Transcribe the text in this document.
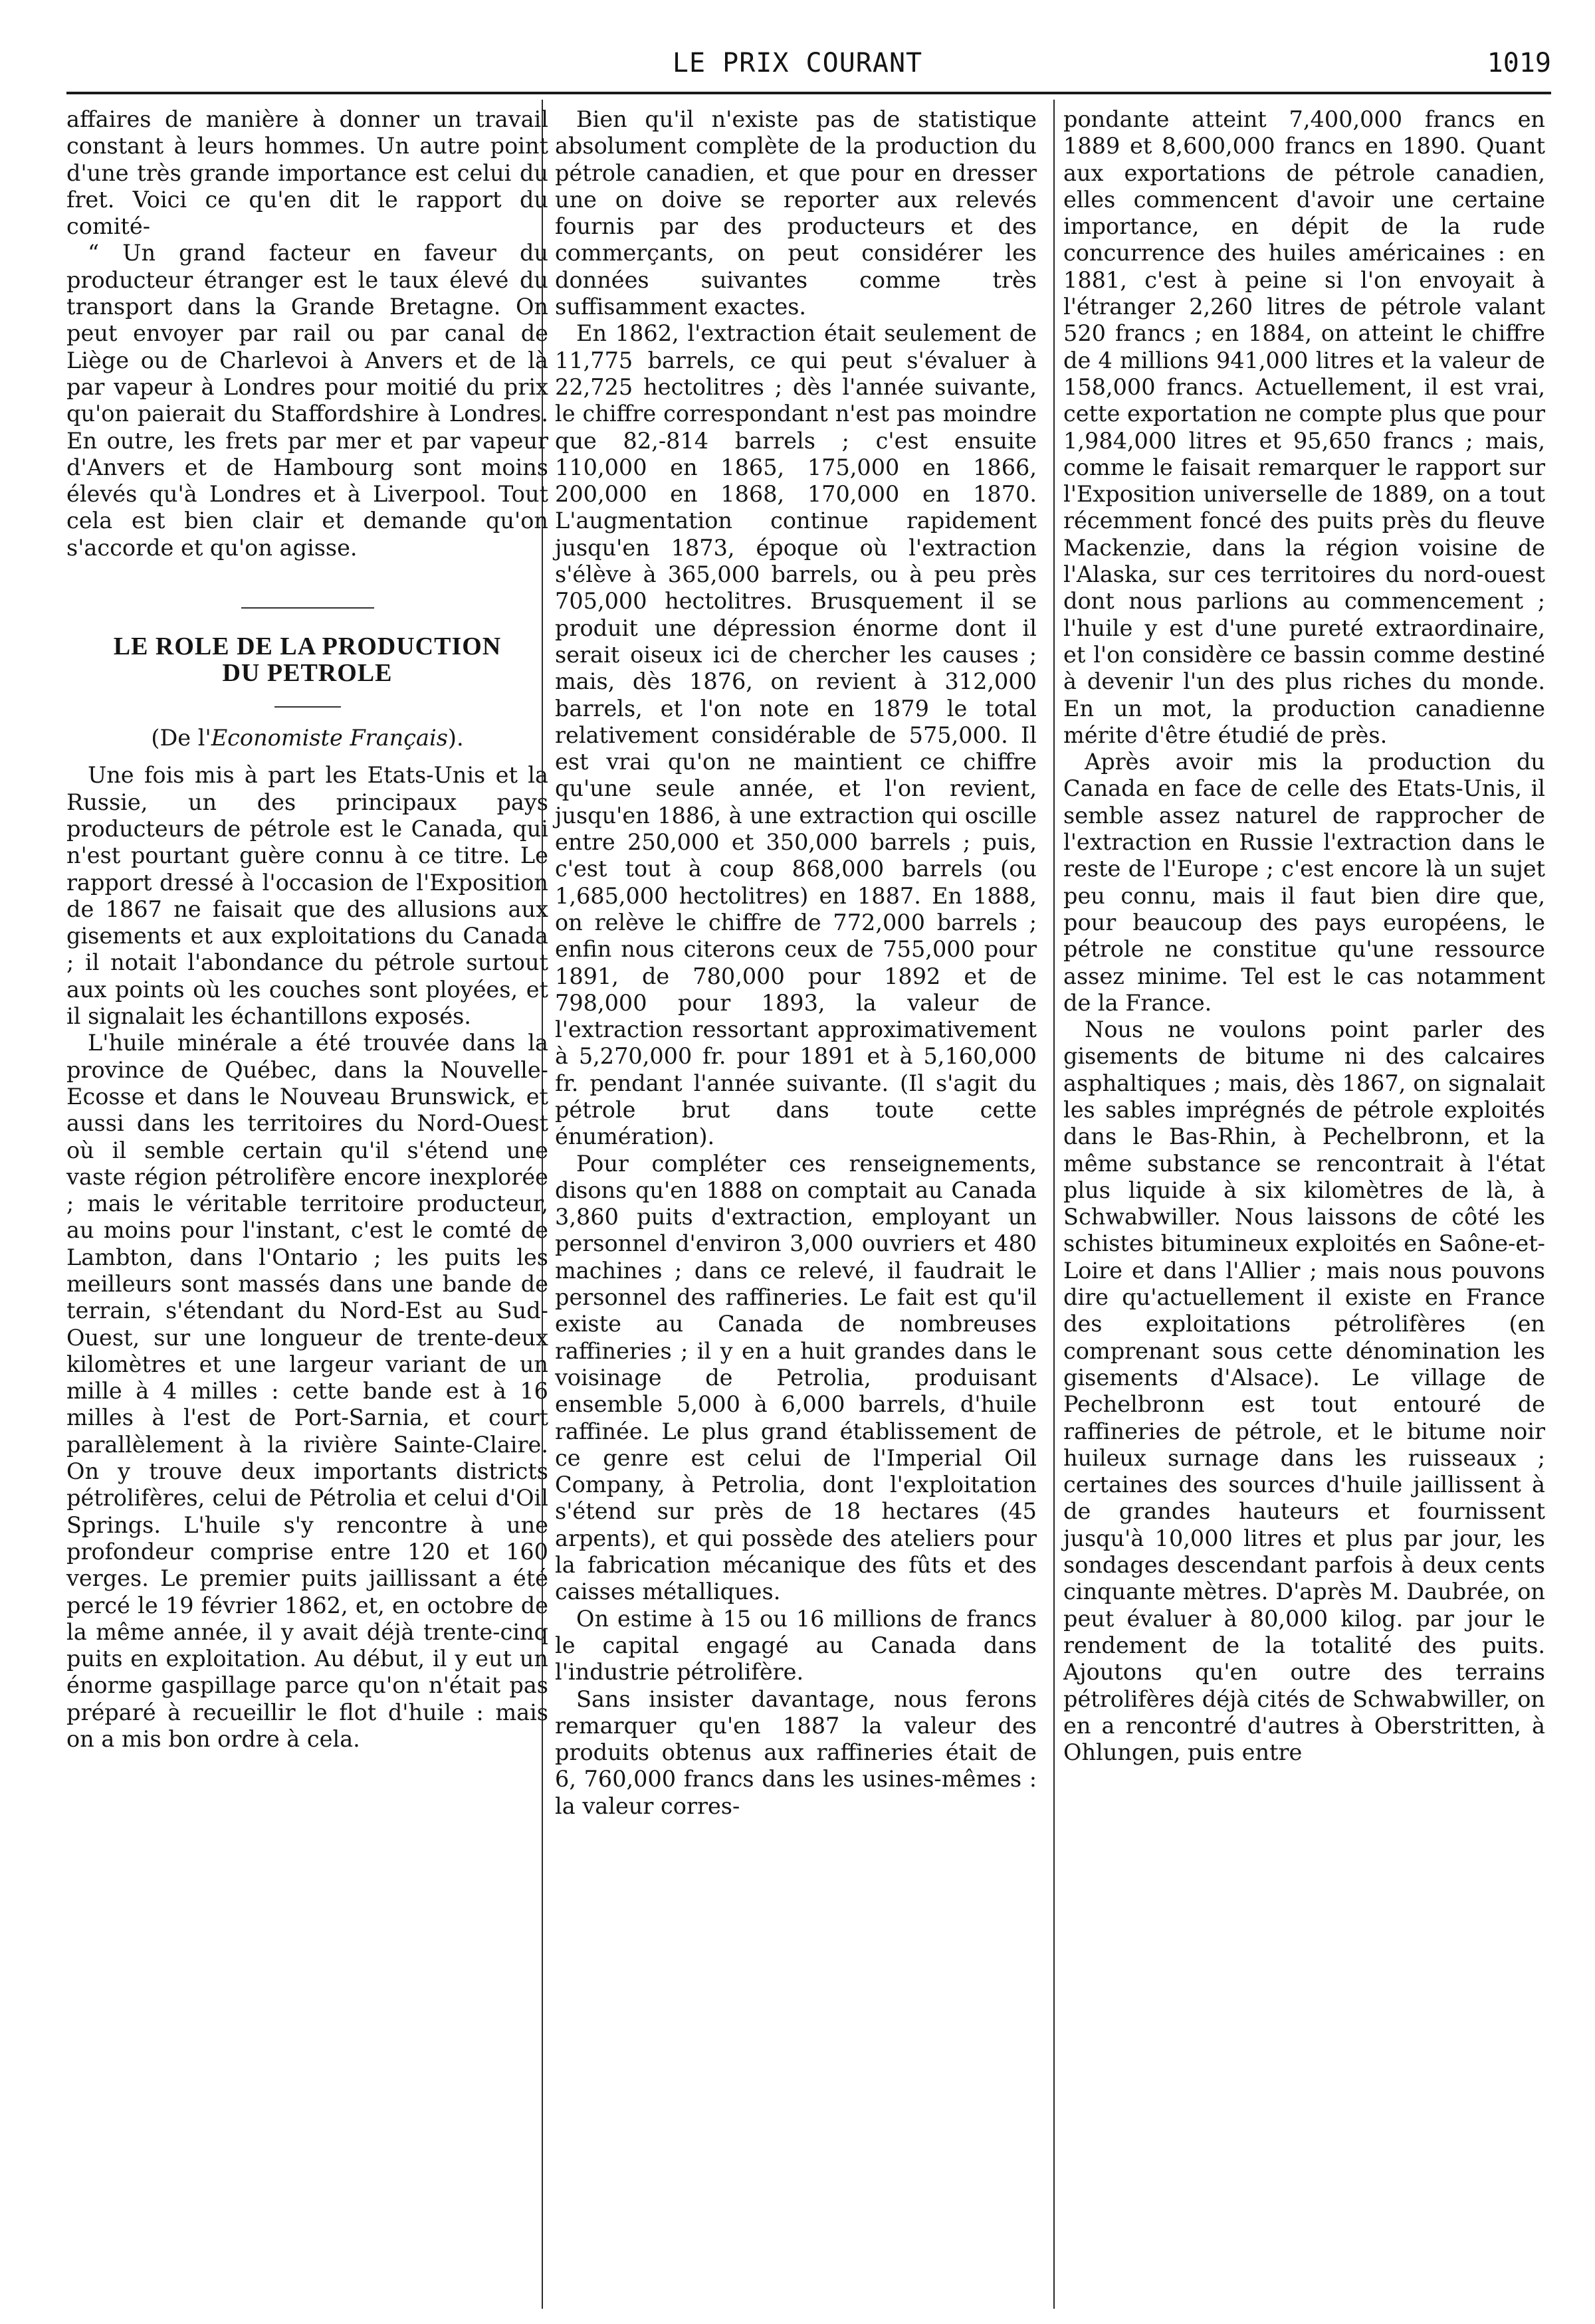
LE PRIX COURANT	1019

affaires de manière à donner un travail constant à leurs hommes. Un autre point d'une très grande importance est celui du fret. Voici ce qu'en dit le rapport du comité-

“ Un grand facteur en faveur du producteur étranger est le taux élevé du transport dans la Grande Bretagne. On peut envoyer par rail ou par canal de Liège ou de Charlevoi à Anvers et de là par vapeur à Londres pour moitié du prix qu'on paierait du Staffordshire à Londres. En outre, les frets par mer et par vapeur d'Anvers et de Hambourg sont moins élevés qu'à Londres et à Liverpool. Tout cela est bien clair et demande qu'on s'accorde et qu'on agisse.

LE ROLE DE LA PRODUCTION
DU PETROLE

(De l'Economiste Français).

Une fois mis à part les Etats-Unis et la Russie, un des principaux pays producteurs de pétrole est le Canada, qui n'est pourtant guère connu à ce titre. Le rapport dressé à l'occasion de l'Exposition de 1867 ne faisait que des allusions aux gisements et aux exploitations du Canada ; il notait l'abondance du pétrole surtout aux points où les couches sont ployées, et il signalait les échantillons exposés.

L'huile minérale a été trouvée dans la province de Québec, dans la Nouvelle-Ecosse et dans le Nouveau Brunswick, et aussi dans les territoires du Nord-Ouest où il semble certain qu'il s'étend une vaste région pétrolifère encore inexplorée ; mais le véritable territoire producteur, au moins pour l'instant, c'est le comté de Lambton, dans l'Ontario ; les puits les meilleurs sont massés dans une bande de terrain, s'étendant du Nord-Est au Sud-Ouest, sur une longueur de trente-deux kilomètres et une largeur variant de un mille à 4 milles : cette bande est à 16 milles à l'est de Port-Sarnia, et court parallèlement à la rivière Sainte-Claire. On y trouve deux importants districts pétrolifères, celui de Pétrolia et celui d'Oil Springs. L'huile s'y rencontre à une profondeur comprise entre 120 et 160 verges. Le premier puits jaillissant a été percé le 19 février 1862, et, en octobre de la même année, il y avait déjà trente-cinq puits en exploitation. Au début, il y eut un énorme gaspillage parce qu'on n'était pas préparé à recueillir le flot d'huile : mais on a mis bon ordre à cela.

Bien qu'il n'existe pas de statistique absolument complète de la production du pétrole canadien, et que pour en dresser une on doive se reporter aux relevés fournis par des producteurs et des commerçants, on peut considérer les données suivantes comme très suffisamment exactes.

En 1862, l'extraction était seulement de 11,775 barrels, ce qui peut s'évaluer à 22,725 hectolitres ; dès l'année suivante, le chiffre correspondant n'est pas moindre que 82,-814 barrels ; c'est ensuite 110,000 en 1865, 175,000 en 1866, 200,000 en 1868, 170,000 en 1870. L'augmentation continue rapidement jusqu'en 1873, époque où l'extraction s'élève à 365,000 barrels, ou à peu près 705,000 hectolitres. Brusquement il se produit une dépression énorme dont il serait oiseux ici de chercher les causes ; mais, dès 1876, on revient à 312,000 barrels, et l'on note en 1879 le total relativement considérable de 575,000. Il est vrai qu'on ne maintient ce chiffre qu'une seule année, et l'on revient, jusqu'en 1886, à une extraction qui oscille entre 250,000 et 350,000 barrels ; puis, c'est tout à coup 868,000 barrels (ou 1,685,000 hectolitres) en 1887. En 1888, on relève le chiffre de 772,000 barrels ; enfin nous citerons ceux de 755,000 pour 1891, de 780,000 pour 1892 et de 798,000 pour 1893, la valeur de l'extraction ressortant approximativement à 5,270,000 fr. pour 1891 et à 5,160,000 fr. pendant l'année suivante. (Il s'agit du pétrole brut dans toute cette énumération).

Pour compléter ces renseignements, disons qu'en 1888 on comptait au Canada 3,860 puits d'extraction, employant un personnel d'environ 3,000 ouvriers et 480 machines ; dans ce relevé, il faudrait le personnel des raffineries. Le fait est qu'il existe au Canada de nombreuses raffineries ; il y en a huit grandes dans le voisinage de Petrolia, produisant ensemble 5,000 à 6,000 barrels, d'huile raffinée. Le plus grand établissement de ce genre est celui de l'Imperial Oil Company, à Petrolia, dont l'exploitation s'étend sur près de 18 hectares (45 arpents), et qui possède des ateliers pour la fabrication mécanique des fûts et des caisses métalliques.

On estime à 15 ou 16 millions de francs le capital engagé au Canada dans l'industrie pétrolifère.

Sans insister davantage, nous ferons remarquer qu'en 1887 la valeur des produits obtenus aux raffineries était de 6, 760,000 francs dans les usines-mêmes : la valeur corres-

pondante atteint 7,400,000 francs en 1889 et 8,600,000 francs en 1890. Quant aux exportations de pétrole canadien, elles commencent d'avoir une certaine importance, en dépit de la rude concurrence des huiles américaines : en 1881, c'est à peine si l'on envoyait à l'étranger 2,260 litres de pétrole valant 520 francs ; en 1884, on atteint le chiffre de 4 millions 941,000 litres et la valeur de 158,000 francs. Actuellement, il est vrai, cette exportation ne compte plus que pour 1,984,000 litres et 95,650 francs ; mais, comme le faisait remarquer le rapport sur l'Exposition universelle de 1889, on a tout récemment foncé des puits près du fleuve Mackenzie, dans la région voisine de l'Alaska, sur ces territoires du nord-ouest dont nous parlions au commencement ; l'huile y est d'une pureté extraordinaire, et l'on considère ce bassin comme destiné à devenir l'un des plus riches du monde. En un mot, la production canadienne mérite d'être étudié de près.

Après avoir mis la production du Canada en face de celle des Etats-Unis, il semble assez naturel de rapprocher de l'extraction en Russie l'extraction dans le reste de l'Europe ; c'est encore là un sujet peu connu, mais il faut bien dire que, pour beaucoup des pays européens, le pétrole ne constitue qu'une ressource assez minime. Tel est le cas notamment de la France.

Nous ne voulons point parler des gisements de bitume ni des calcaires asphaltiques ; mais, dès 1867, on signalait les sables imprégnés de pétrole exploités dans le Bas-Rhin, à Pechelbronn, et la même substance se rencontrait à l'état plus liquide à six kilomètres de là, à Schwabwiller. Nous laissons de côté les schistes bitumineux exploités en Saône-et-Loire et dans l'Allier ; mais nous pouvons dire qu'actuellement il existe en France des exploitations pétrolifères (en comprenant sous cette dénomination les gisements d'Alsace). Le village de Pechelbronn est tout entouré de raffineries de pétrole, et le bitume noir huileux surnage dans les ruisseaux ; certaines des sources d'huile jaillissent à de grandes hauteurs et fournissent jusqu'à 10,000 litres et plus par jour, les sondages descendant parfois à deux cents cinquante mètres. D'après M. Daubrée, on peut évaluer à 80,000 kilog. par jour le rendement de la totalité des puits. Ajoutons qu'en outre des terrains pétrolifères déjà cités de Schwabwiller, on en a rencontré d'autres à Oberstritten, à Ohlungen, puis entre
